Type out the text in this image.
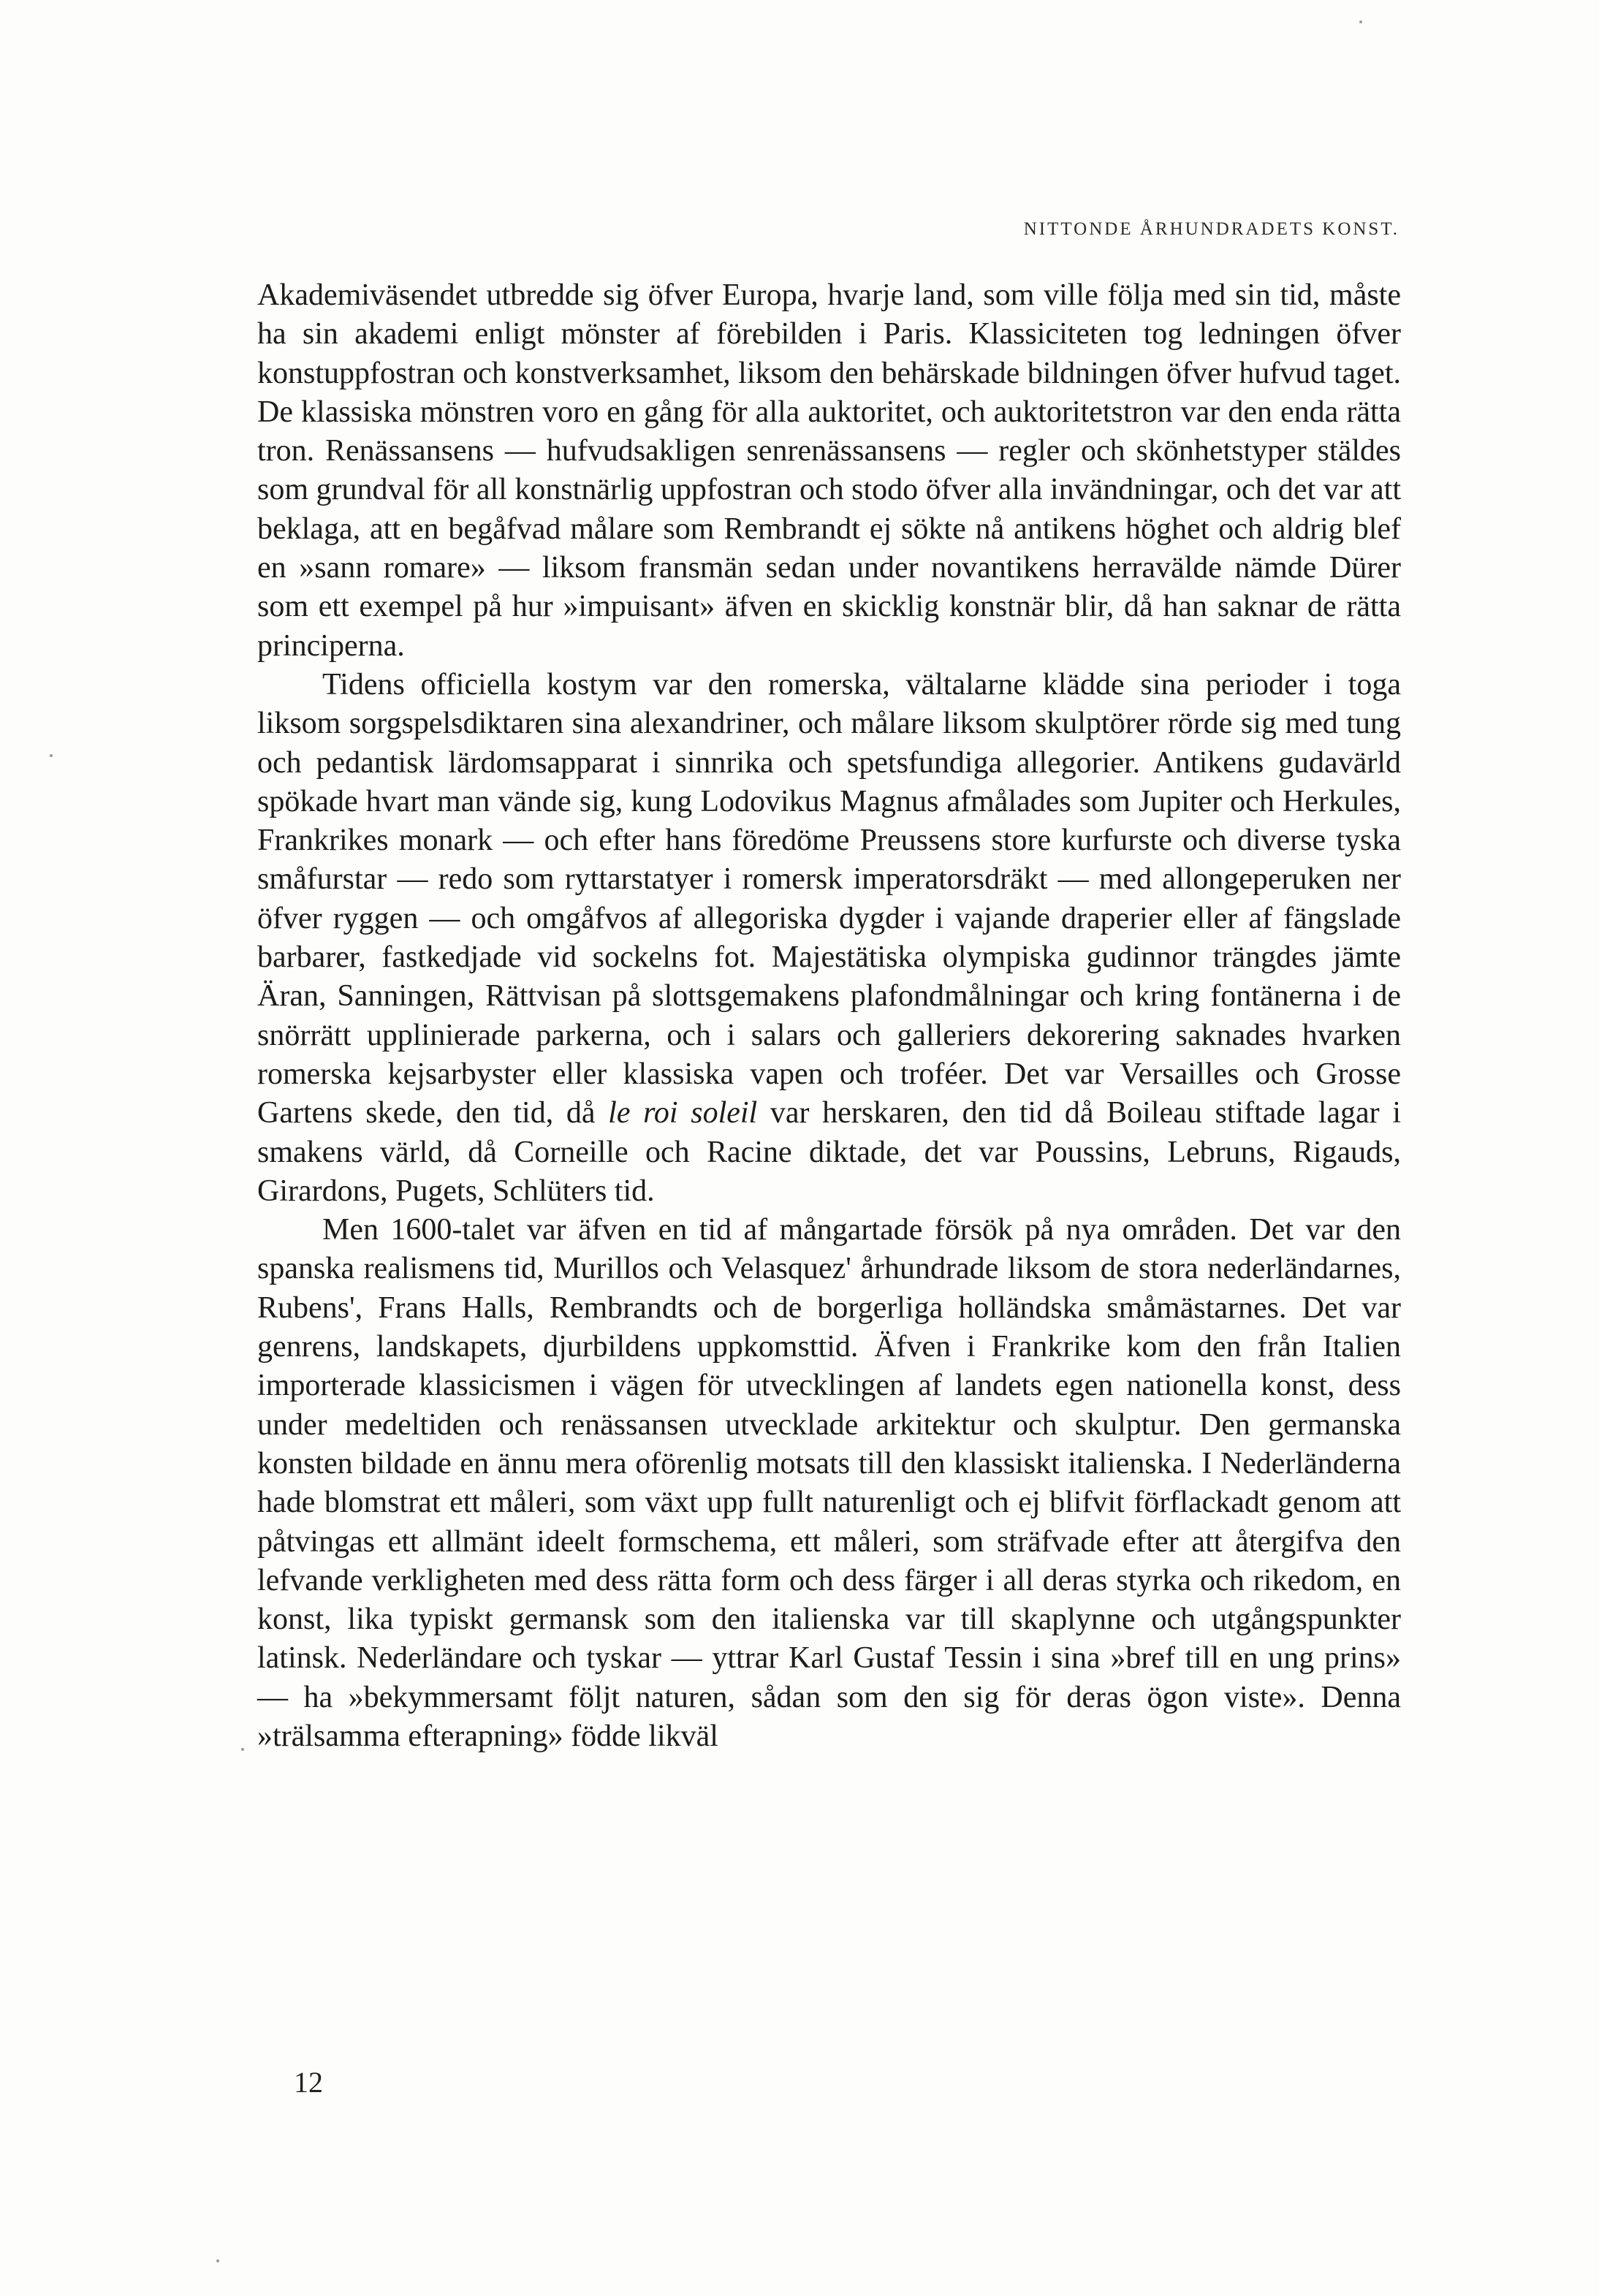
NITTONDE ÅRHUNDRADETS KONST.

Akademiväsendet utbredde sig öfver Europa, hvarje land, som ville följa med sin tid, måste ha sin akademi enligt mönster af förebilden i Paris. Klassiciteten tog ledningen öfver konstuppfostran och konstverksamhet, liksom den behärskade bildningen öfver hufvud taget. De klassiska mönstren voro en gång för alla auktoritet, och auktoritetstron var den enda rätta tron. Renässansens — hufvudsakligen senrenässansens — regler och skönhetstyper stäldes som grundval för all konstnärlig uppfostran och stodo öfver alla invändningar, och det var att beklaga, att en begåfvad målare som Rembrandt ej sökte nå antikens höghet och aldrig blef en »sann romare» — liksom fransmän sedan under novantikens herravälde nämde Dürer som ett exempel på hur »impuisant» äfven en skicklig konstnär blir, då han saknar de rätta principerna.

Tidens officiella kostym var den romerska, vältalarne klädde sina perioder i toga liksom sorgspelsdiktaren sina alexandriner, och målare liksom skulptörer rörde sig med tung och pedantisk lärdomsapparat i sinnrika och spetsfundiga allegorier. Antikens gudavärld spökade hvart man vände sig, kung Lodovikus Magnus afmålades som Jupiter och Herkules, Frankrikes monark — och efter hans föredöme Preussens store kurfurste och diverse tyska småfurstar — redo som ryttarstatyer i romersk imperatorsdräkt — med allongeperuken ner öfver ryggen — och omgåfvos af allegoriska dygder i vajande draperier eller af fängslade barbarer, fastkedjade vid sockelns fot. Majestätiska olympiska gudinnor trängdes jämte Äran, Sanningen, Rättvisan på slottsgemakens plafondmålningar och kring fontänerna i de snörrätt upplinierade parkerna, och i salars och galleriers dekorering saknades hvarken romerska kejsarbyster eller klassiska vapen och troféer. Det var Versailles och Grosse Gartens skede, den tid, då le roi soleil var herskaren, den tid då Boileau stiftade lagar i smakens värld, då Corneille och Racine diktade, det var Poussins, Lebruns, Rigauds, Girardons, Pugets, Schlüters tid.

Men 1600-talet var äfven en tid af mångartade försök på nya områden. Det var den spanska realismens tid, Murillos och Velasquez' århundrade liksom de stora nederländarnes, Rubens', Frans Halls, Rembrandts och de borgerliga holländska småmästarnes. Det var genrens, landskapets, djurbildens uppkomsttid. Äfven i Frankrike kom den från Italien importerade klassicismen i vägen för utvecklingen af landets egen nationella konst, dess under medeltiden och renässansen utvecklade arkitektur och skulptur. Den germanska konsten bildade en ännu mera oförenlig motsats till den klassiskt italienska. I Nederländerna hade blomstrat ett måleri, som växt upp fullt naturenligt och ej blifvit förflackadt genom att påtvingas ett allmänt ideelt formschema, ett måleri, som sträfvade efter att återgifva den lefvande verkligheten med dess rätta form och dess färger i all deras styrka och rikedom, en konst, lika typiskt germansk som den italienska var till skaplynne och utgångspunkter latinsk. Nederländare och tyskar — yttrar Karl Gustaf Tessin i sina »bref till en ung prins» — ha »bekymmersamt följt naturen, sådan som den sig för deras ögon viste». Denna »trälsamma efterapning» födde likväl

12
